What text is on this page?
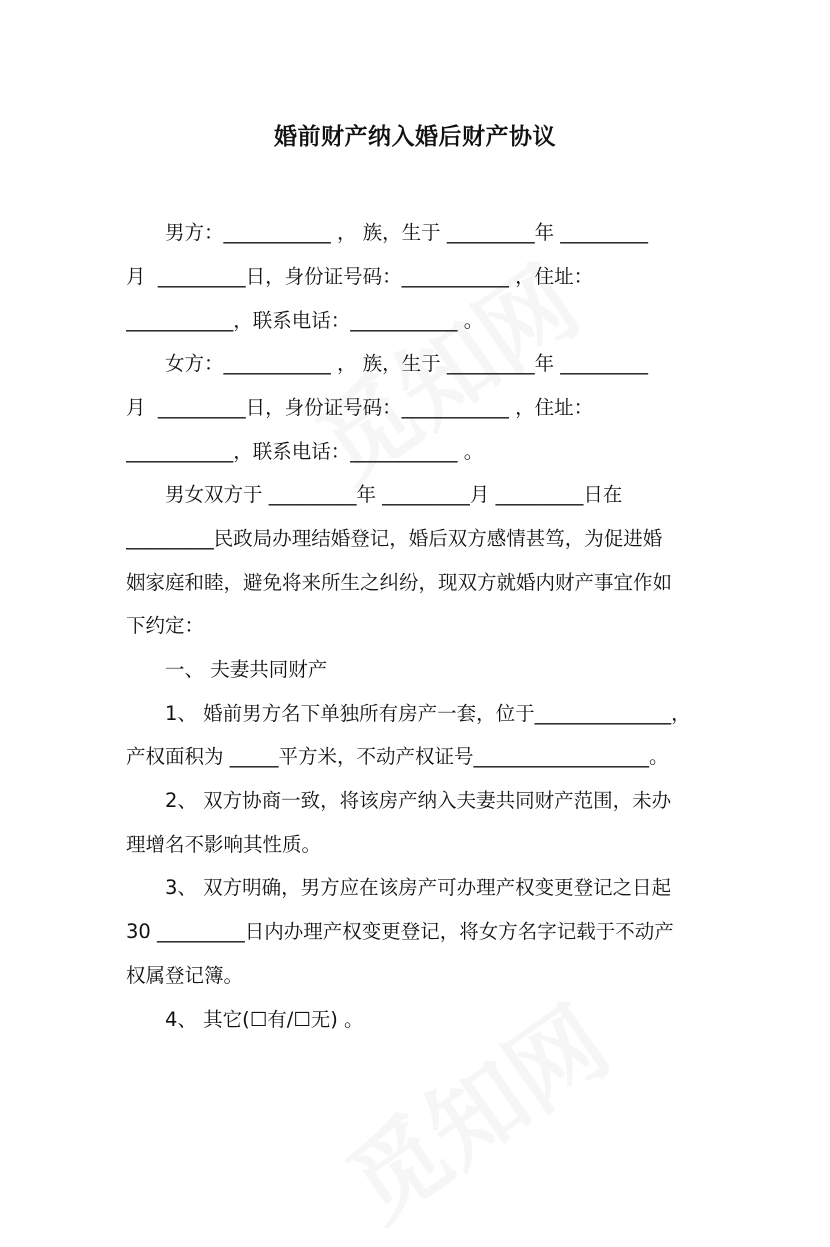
婚前财产纳入婚后财产协议
　　男方：___________ ， 族，生于 _________年 _________
月  _________日，身份证号码：___________ ，住址：
___________，联系电话：___________ 。
　　女方：___________ ， 族，生于 _________年 _________
月  _________日，身份证号码：___________ ，住址：
___________，联系电话：___________ 。
　　男女双方于 _________年 _________月 _________日在
_________民政局办理结婚登记，婚后双方感情甚笃，为促进婚
姻家庭和睦，避免将来所生之纠纷，现双方就婚内财产事宜作如
下约定：
　　一、 夫妻共同财产
　　1、 婚前男方名下单独所有房产一套，位于______________，
产权面积为 _____平方米，不动产权证号__________________。
　　2、 双方协商一致，将该房产纳入夫妻共同财产范围，未办
理增名不影响其性质。
　　3、 双方明确，男方应在该房产可办理产权变更登记之日起
30 _________日内办理产权变更登记，将女方名字记载于不动产
权属登记簿。
　　4、 其它(☐有/☐无) 。
